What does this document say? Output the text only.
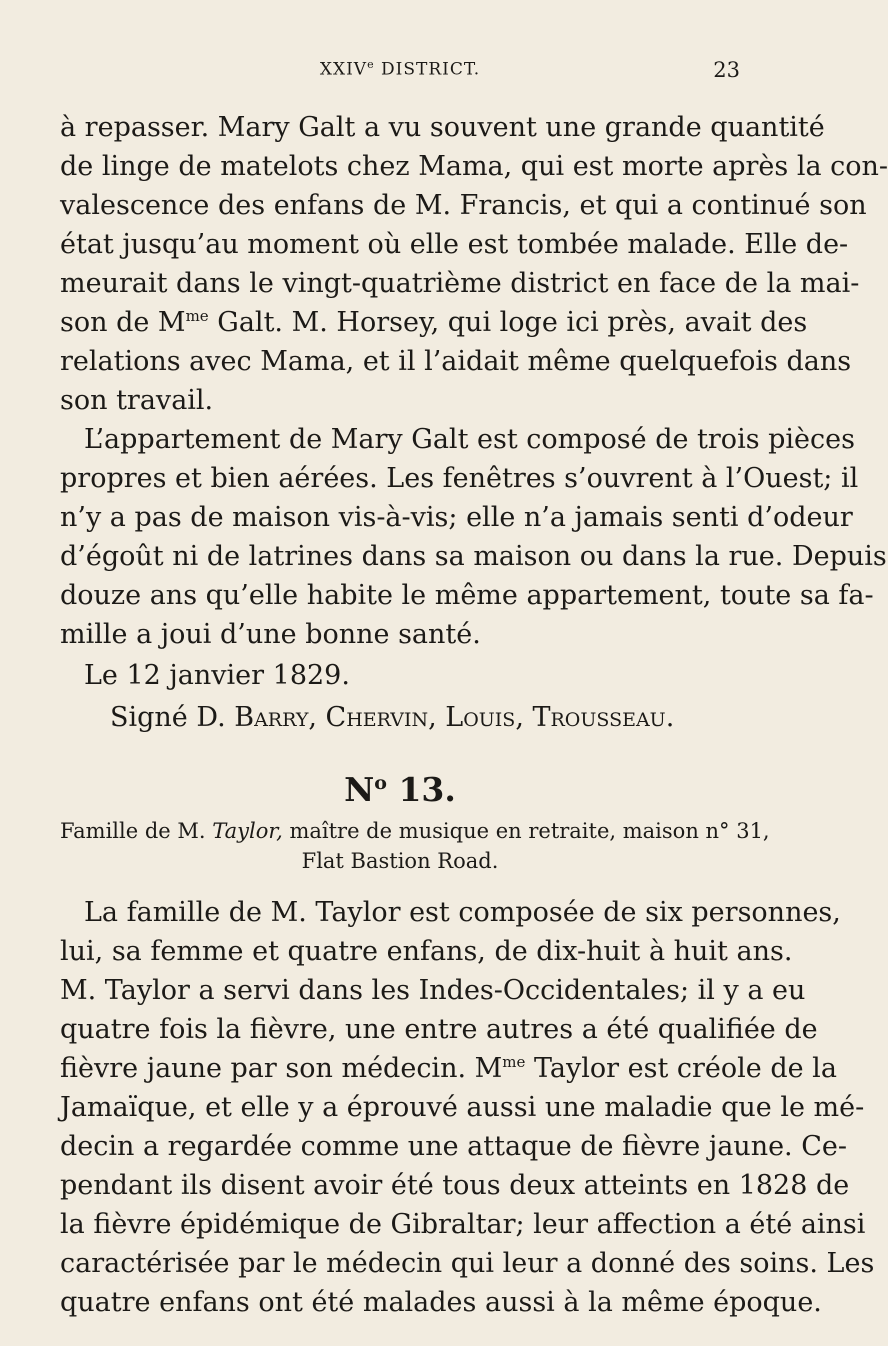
XXIVe DISTRICT.	23
à repasser. Mary Galt a vu souvent une grande quantité
de linge de matelots chez Mama, qui est morte après la con-
valescence des enfans de M. Francis, et qui a continué son
état jusqu’au moment où elle est tombée malade. Elle de-
meurait dans le vingt-quatrième district en face de la mai-
son de $M^{me}$ Galt. M. Horsey, qui loge ici près, avait des
relations avec Mama, et il l’aidait même quelquefois dans
son travail.
L’appartement de Mary Galt est composé de trois pièces
propres et bien aérées. Les fenêtres s’ouvrent à l’Ouest; il
n’y a pas de maison vis-à-vis; elle n’a jamais senti d’odeur
d’égoût ni de latrines dans sa maison ou dans la rue. Depuis
douze ans qu’elle habite le même appartement, toute sa fa-
mille a joui d’une bonne santé.
Le 12 janvier 1829.
Signé D. Barry, Chervin, Louis, Trousseau.
$N^o$ 13.
Famille de M. Taylor, maître de musique en retraite, maison n° 31,
Flat Bastion Road.
La famille de M. Taylor est composée de six personnes,
lui, sa femme et quatre enfans, de dix-huit à huit ans.
M. Taylor a servi dans les Indes-Occidentales; il y a eu
quatre fois la fièvre, une entre autres a été qualifiée de
fièvre jaune par son médecin. $M^{me}$ Taylor est créole de la
Jamaïque, et elle y a éprouvé aussi une maladie que le mé-
decin a regardée comme une attaque de fièvre jaune. Ce-
pendant ils disent avoir été tous deux atteints en 1828 de
la fièvre épidémique de Gibraltar; leur affection a été ainsi
caractérisée par le médecin qui leur a donné des soins. Les
quatre enfans ont été malades aussi à la même époque.
